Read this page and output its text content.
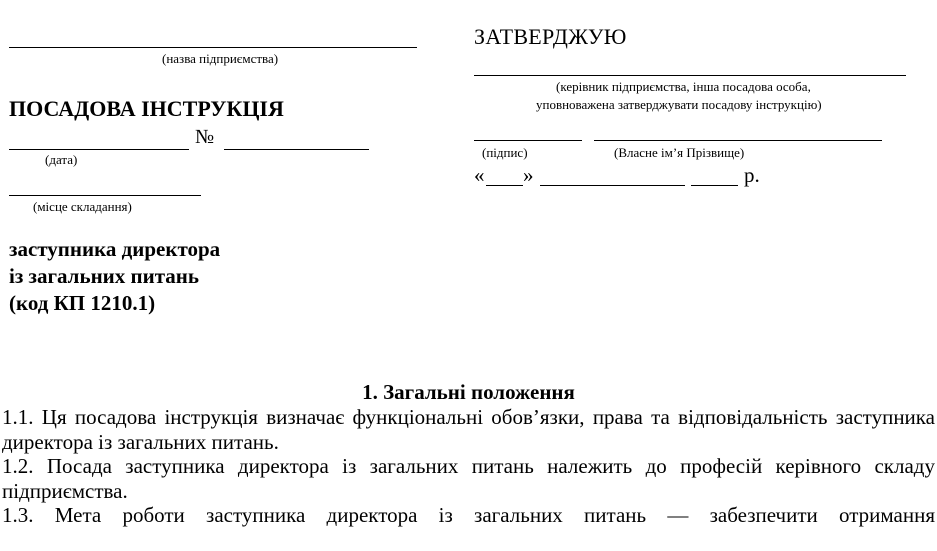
(назва підприємства)
ПОСАДОВА ІНСТРУКЦІЯ
№
(дата)
(місце складання)
ЗАТВЕРДЖУЮ
(керівник підприємства, інша посадова особа,
уповноважена затверджувати посадову інструкцію)
(підпис)	(Власне ім’я Прізвище)
« »	р.
заступника директора
із загальних питань
(код КП 1210.1)
1. Загальні положення

1.1. Ця посадова інструкція визначає функціональні обов’язки, права та відповідальність заступника директора із загальних питань.

1.2. Посада заступника директора із загальних питань належить до професій керівного складу підприємства.

1.3. Мета роботи заступника директора із загальних питань — забезпечити отримання
